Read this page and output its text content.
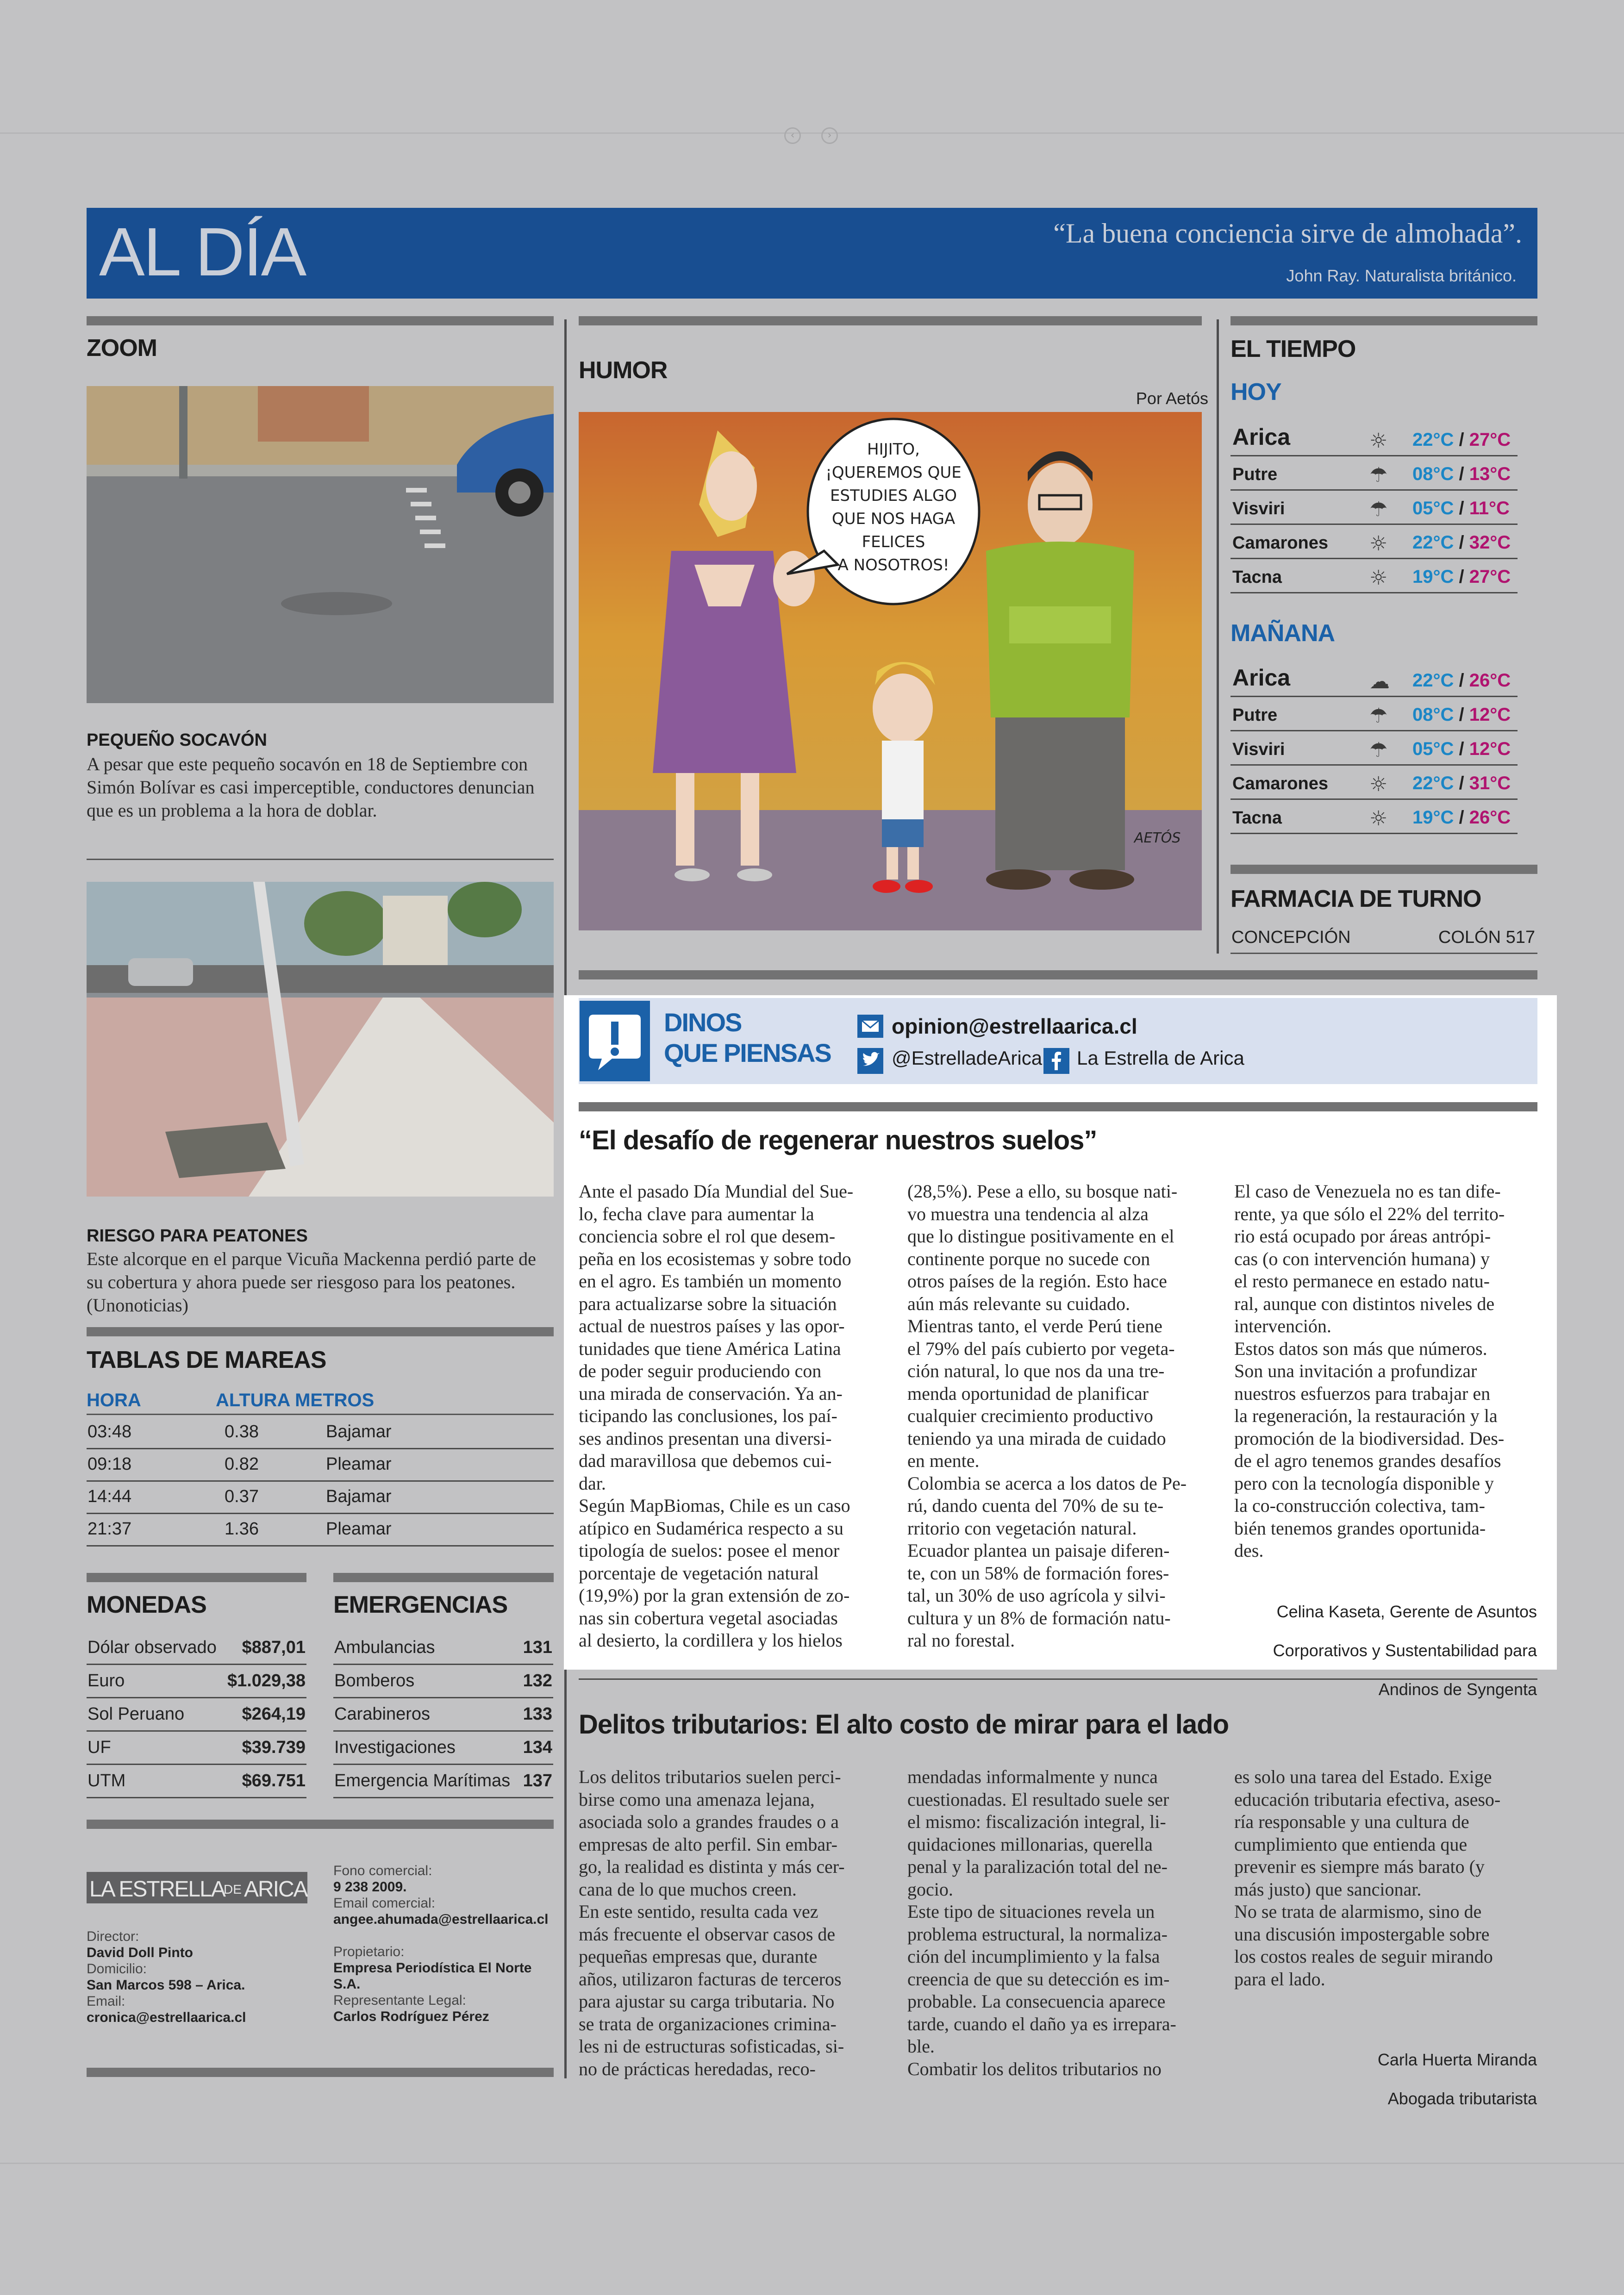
‹	›
AL DÍA	“La buena conciencia sirve de almohada”.
John Ray. Naturalista británico.
ZOOM
PEQUEÑO SOCAVÓN
A pesar que este pequeño socavón en 18 de Septiembre con Simón Bolívar es casi imperceptible, conductores denuncian que es un problema a la hora de doblar.
RIESGO PARA PEATONES
Este alcorque en el parque Vicuña Mackenna perdió parte de su cobertura y ahora puede ser riesgoso para los peatones. (Unonoticias)
TABLAS DE MAREAS
HORA	ALTURA METROS
03:48	0.38	Bajamar
09:18	0.82	Pleamar
14:44	0.37	Bajamar
21:37	1.36	Pleamar
MONEDAS	EMERGENCIAS
Dólar observado $887,01
Euro	$1.029,38
Sol Peruano	$264,19
UF	$39.739
UTM	$69.751
Ambulancias	131
Bomberos	132
Carabineros	133
Investigaciones	134
Emergencia Marítimas 137
LA ESTRELLA
DE ARICA
Director:
David Doll Pinto
Domicilio:
San Marcos 598 – Arica.
Email:
cronica@estrellaarica.cl
Fono comercial:
9 238 2009.
Email comercial:
angee.ahumada@estrellaarica.cl
Propietario:
Empresa Periodística El Norte S.A.
Representante Legal:
Carlos Rodríguez Pérez
HUMOR
Por Aetós
HIJITO,
¡QUEREMOS QUE
ESTUDIES ALGO
QUE NOS HAGA
FELICES
A NOSOTROS!
AETÓS
EL TIEMPO
HOY
Arica	☼	22°C / 27°C
Putre	☂	08°C / 13°C
Visviri	☂	05°C / 11°C
Camarones ☼	22°C / 32°C
Tacna	☼	19°C / 27°C
MAÑANA
Arica	☁	22°C / 26°C
Putre	☂	08°C / 12°C
Visviri	☂	05°C / 12°C
Camarones ☼	22°C / 31°C
Tacna	☼	19°C / 26°C
FARMACIA DE TURNO
CONCEPCIÓN	COLÓN 517
DINOS
QUE PIENSAS
opinion@estrellaarica.cl
@EstrelladeArica La Estrella de Arica
“El desafío de regenerar nuestros suelos”

Ante el pasado Día Mundial del Sue-

lo, fecha clave para aumentar la

conciencia sobre el rol que desem-

peña en los ecosistemas y sobre todo

en el agro. Es también un momento

para actualizarse sobre la situación

actual de nuestros países y las opor-

tunidades que tiene América Latina

de poder seguir produciendo con

una mirada de conservación. Ya an-

ticipando las conclusiones, los paí-

ses andinos presentan una diversi-

dad maravillosa que debemos cui-

dar.

Según MapBiomas, Chile es un caso

atípico en Sudamérica respecto a su

tipología de suelos: posee el menor

porcentaje de vegetación natural

(19,9%) por la gran extensión de zo-

nas sin cobertura vegetal asociadas

al desierto, la cordillera y los hielos

(28,5%). Pese a ello, su bosque nati-

vo muestra una tendencia al alza

que lo distingue positivamente en el

continente porque no sucede con

otros países de la región. Esto hace

aún más relevante su cuidado.

Mientras tanto, el verde Perú tiene

el 79% del país cubierto por vegeta-

ción natural, lo que nos da una tre-

menda oportunidad de planificar

cualquier crecimiento productivo

teniendo ya una mirada de cuidado

en mente.

Colombia se acerca a los datos de Pe-

rú, dando cuenta del 70% de su te-

rritorio con vegetación natural.

Ecuador plantea un paisaje diferen-

te, con un 58% de formación fores-

tal, un 30% de uso agrícola y silvi-

cultura y un 8% de formación natu-

ral no forestal.

El caso de Venezuela no es tan dife-

rente, ya que sólo el 22% del territo-

rio está ocupado por áreas antrópi-

cas (o con intervención humana) y

el resto permanece en estado natu-

ral, aunque con distintos niveles de

intervención.

Estos datos son más que números.

Son una invitación a profundizar

nuestros esfuerzos para trabajar en

la regeneración, la restauración y la

promoción de la biodiversidad. Des-

de el agro tenemos grandes desafíos

pero con la tecnología disponible y

la co-construcción colectiva, tam-

bién tenemos grandes oportunida-

des.

Celina Kaseta, Gerente de Asuntos

Corporativos y Sustentabilidad para

Andinos de Syngenta

Delitos tributarios: El alto costo de mirar para el lado

Los delitos tributarios suelen perci-

birse como una amenaza lejana,

asociada solo a grandes fraudes o a

empresas de alto perfil. Sin embar-

go, la realidad es distinta y más cer-

cana de lo que muchos creen.

En este sentido, resulta cada vez

más frecuente el observar casos de

pequeñas empresas que, durante

años, utilizaron facturas de terceros

para ajustar su carga tributaria. No

se trata de organizaciones crimina-

les ni de estructuras sofisticadas, si-

no de prácticas heredadas, reco-

mendadas informalmente y nunca

cuestionadas. El resultado suele ser

el mismo: fiscalización integral, li-

quidaciones millonarias, querella

penal y la paralización total del ne-

gocio.

Este tipo de situaciones revela un

problema estructural, la normaliza-

ción del incumplimiento y la falsa

creencia de que su detección es im-

probable. La consecuencia aparece

tarde, cuando el daño ya es irrepara-

ble.

Combatir los delitos tributarios no

es solo una tarea del Estado. Exige

educación tributaria efectiva, aseso-

ría responsable y una cultura de

cumplimiento que entienda que

prevenir es siempre más barato (y

más justo) que sancionar.

No se trata de alarmismo, sino de

una discusión impostergable sobre

los costos reales de seguir mirando

para el lado.

Carla Huerta Miranda

Abogada tributarista
